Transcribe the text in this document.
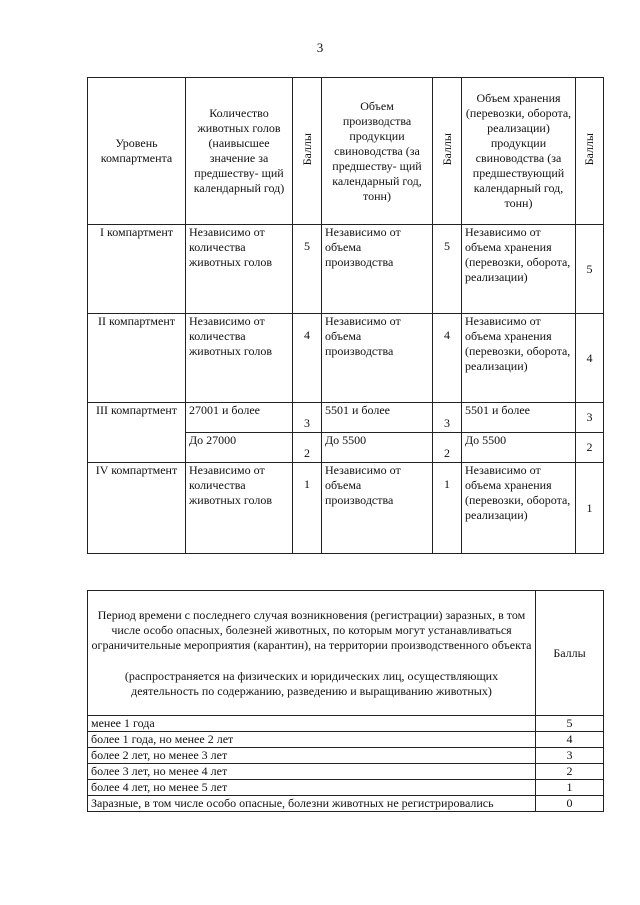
3
Уровень компартмента	Количество животных голов (наивысшее значение за предшеству- щий календарный год)	Баллы	Объем производства продукции свиноводства (за предшеству- щий календарный год, тонн)	Баллы	Объем хранения (перевозки, оборота, реализации) продукции свиноводства (за предшествующий календарный год, тонн)	Баллы
I компартмент	Независимо от количества животных голов	5	Независимо от объема производства	5	Независимо от объема хранения (перевозки, оборота, реализации)	5
II компартмент	Независимо от количества животных голов	4	Независимо от объема производства	4	Независимо от объема хранения (перевозки, оборота, реализации)	4
III компартмент	27001 и более	3	5501 и более	3	5501 и более	3
	До 27000	2	До 5500	2	До 5500	2
IV компартмент	Независимо от количества животных голов	1	Независимо от объема производства	1	Независимо от объема хранения (перевозки, оборота, реализации)	1
Период времени с последнего случая возникновения (регистрации) заразных, в том числе особо опасных, болезней животных, по которым могут устанавливаться ограничительные мероприятия (карантин), на территории производственного объекта
(распространяется на физических и юридических лиц, осуществляющих деятельность по содержанию, разведению и выращиванию животных)	Баллы
менее 1 года	5
более 1 года, но менее 2 лет	4
более 2 лет, но менее 3 лет	3
более 3 лет, но менее 4 лет	2
более 4 лет, но менее 5 лет	1
Заразные, в том числе особо опасные, болезни животных не регистрировались	0
